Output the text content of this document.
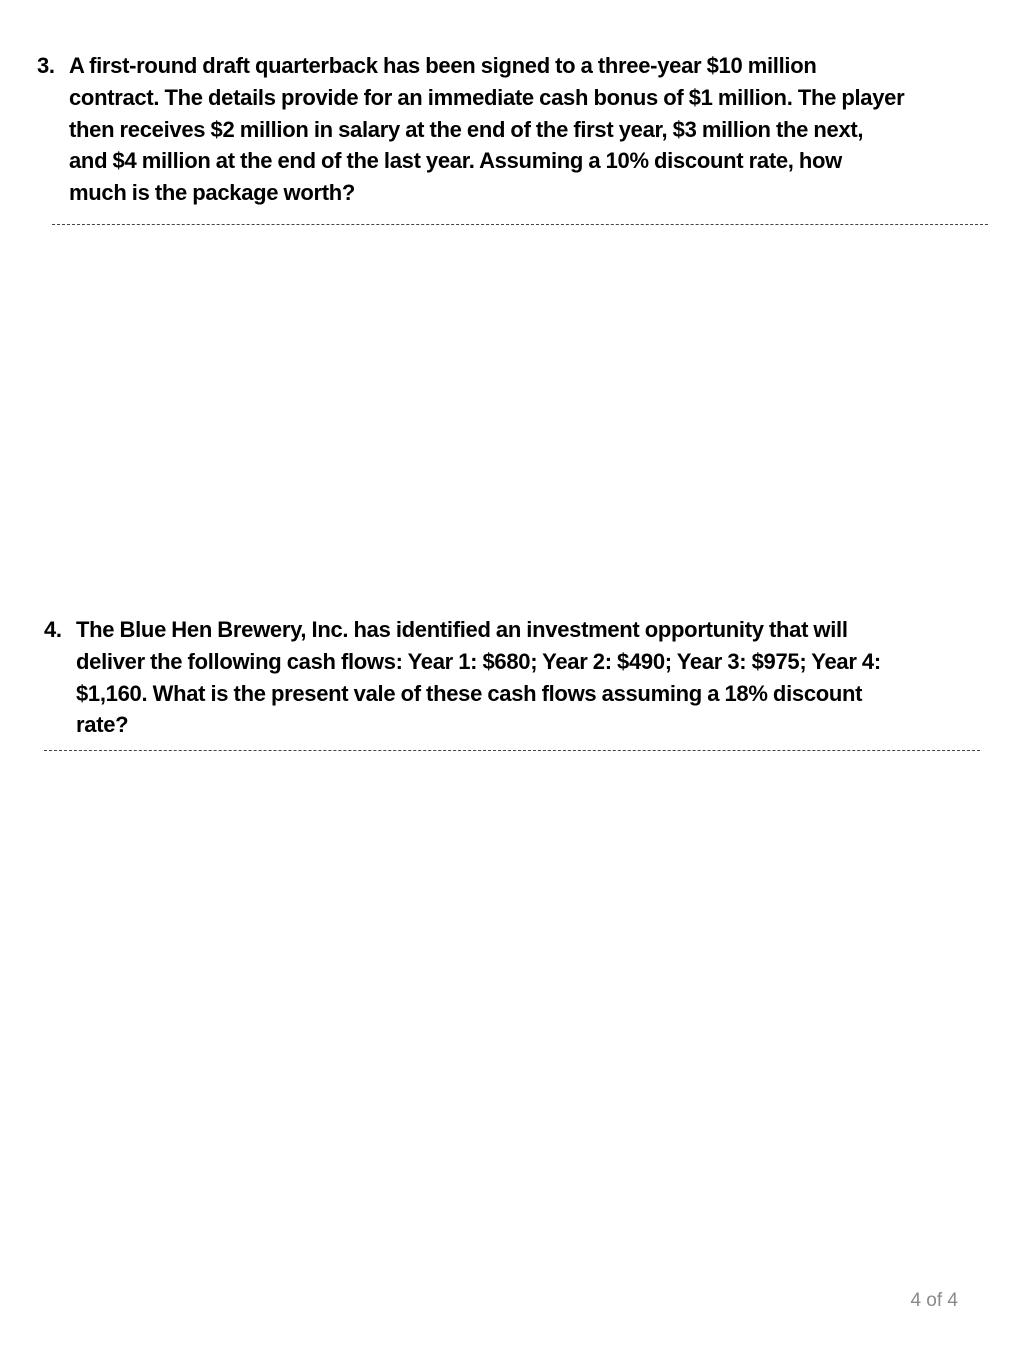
3. A first-round draft quarterback has been signed to a three-year $10 million
contract. The details provide for an immediate cash bonus of $1 million. The player
then receives $2 million in salary at the end of the first year, $3 million the next,
and $4 million at the end of the last year. Assuming a 10% discount rate, how
much is the package worth?

4. The Blue Hen Brewery, Inc. has identified an investment opportunity that will
deliver the following cash flows: Year 1: $680; Year 2: $490; Year 3: $975; Year 4:
$1,160. What is the present vale of these cash flows assuming a 18% discount
rate?

4 of 4
